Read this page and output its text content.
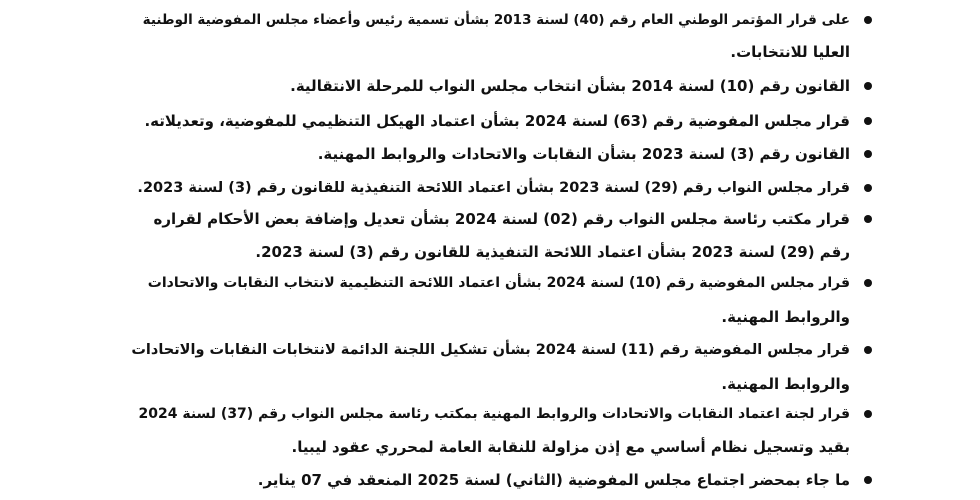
على قرار المؤتمر الوطني العام رقم (40) لسنة 2013 بشأن تسمية رئيس وأعضاء مجلس المفوضية الوطنية
العليا للانتخابات.
القانون رقم (10) لسنة 2014 بشأن انتخاب مجلس النواب للمرحلة الانتقالية.
قرار مجلس المفوضية رقم (63) لسنة 2024 بشأن اعتماد الهيكل التنظيمي للمفوضية، وتعديلاته.
القانون رقم (3) لسنة 2023 بشأن النقابات والاتحادات والروابط المهنية.
قرار مجلس النواب رقم (29) لسنة 2023 بشأن اعتماد اللائحة التنفيذية للقانون رقم (3) لسنة 2023.
قرار مكتب رئاسة مجلس النواب رقم (02) لسنة 2024 بشأن تعديل وإضافة بعض الأحكام لقراره
رقم (29) لسنة 2023 بشأن اعتماد اللائحة التنفيذية للقانون رقم (3) لسنة 2023.
قرار مجلس المفوضية رقم (10) لسنة 2024 بشأن اعتماد اللائحة التنظيمية لانتخاب النقابات والاتحادات
والروابط المهنية.
قرار مجلس المفوضية رقم (11) لسنة 2024 بشأن تشكيل اللجنة الدائمة لانتخابات النقابات والاتحادات
والروابط المهنية.
قرار لجنة اعتماد النقابات والاتحادات والروابط المهنية بمكتب رئاسة مجلس النواب رقم (37) لسنة 2024
بقيد وتسجيل نظام أساسي مع إذن مزاولة للنقابة العامة لمحرري عقود ليبيا.
ما جاء بمحضر اجتماع مجلس المفوضية (الثاني) لسنة 2025 المنعقد في 07 يناير.
